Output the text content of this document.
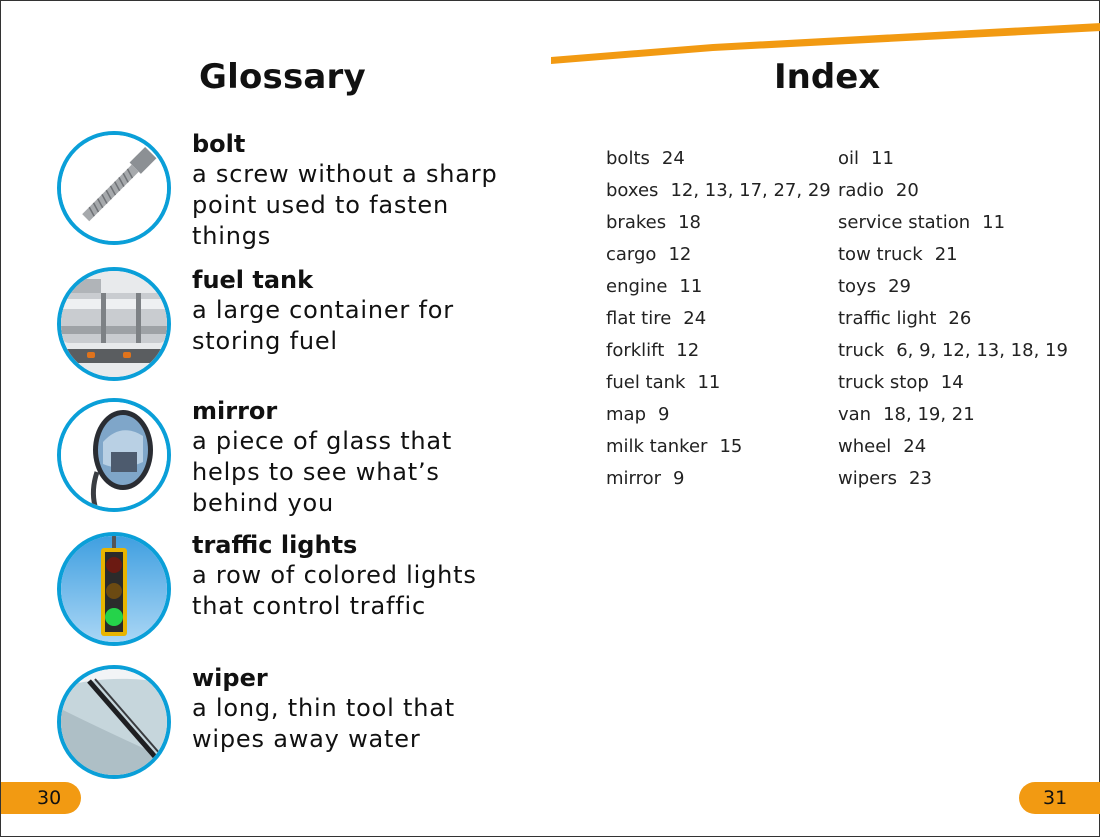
Glossary
bolt
a screw without a sharp point used to fasten things
fuel tank
a large container for storing fuel
mirror
a piece of glass that helps to see what’s behind you
traffic lights
a row of colored lights that control traffic
wiper
a long, thin tool that wipes away water
Index
bolts 24
boxes 12, 13, 17, 27, 29
brakes 18
cargo 12
engine 11
flat tire 24
forklift 12
fuel tank 11
map 9
milk tanker 15
mirror 9
oil 11
radio 20
service station 11
tow truck 21
toys 29
traffic light 26
truck 6, 9, 12, 13, 18, 19
truck stop 14
van 18, 19, 21
wheel 24
wipers 23
30	31
